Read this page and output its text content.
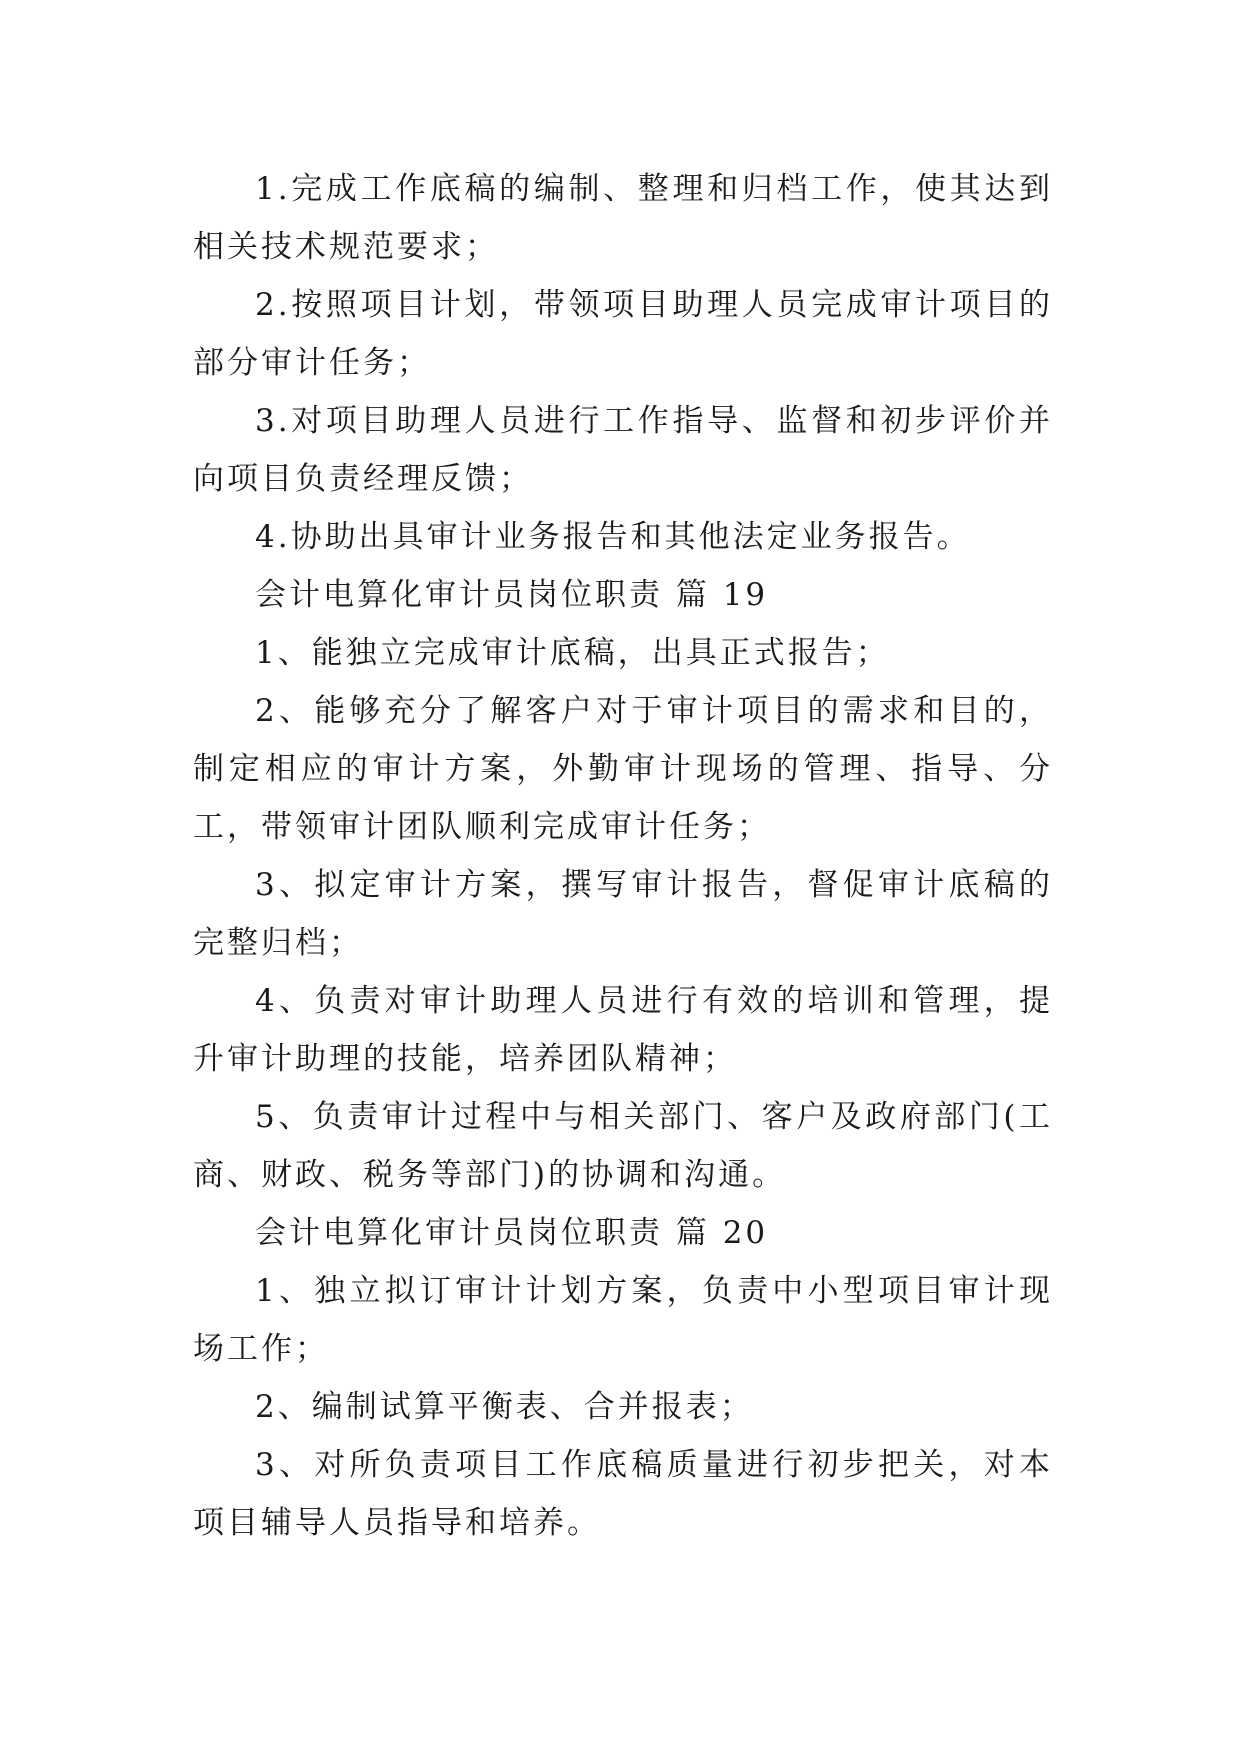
1.完成工作底稿的编制、整理和归档工作，使其达到相关技术规范要求；

2.按照项目计划，带领项目助理人员完成审计项目的部分审计任务；

3.对项目助理人员进行工作指导、监督和初步评价并向项目负责经理反馈；

4.协助出具审计业务报告和其他法定业务报告。

会计电算化审计员岗位职责 篇 19

1、能独立完成审计底稿，出具正式报告；

2、能够充分了解客户对于审计项目的需求和目的，制定相应的审计方案，外勤审计现场的管理、指导、分工，带领审计团队顺利完成审计任务；

3、拟定审计方案，撰写审计报告，督促审计底稿的完整归档；

4、负责对审计助理人员进行有效的培训和管理，提升审计助理的技能，培养团队精神；

5、负责审计过程中与相关部门、客户及政府部门(工商、财政、税务等部门)的协调和沟通。

会计电算化审计员岗位职责 篇 20

1、独立拟订审计计划方案，负责中小型项目审计现场工作；

2、编制试算平衡表、合并报表；

3、对所负责项目工作底稿质量进行初步把关，对本项目辅导人员指导和培养。
